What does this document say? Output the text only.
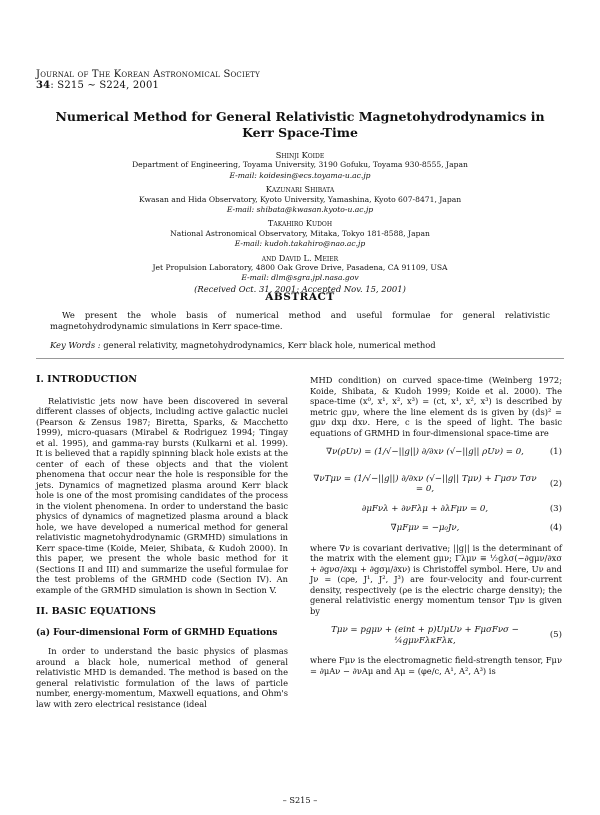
Journal of The Korean Astronomical Society
34: S215 ∼ S224, 2001
Numerical Method for General Relativistic Magnetohydrodynamics in Kerr Space-Time
Shinji Koide
Department of Engineering, Toyama University, 3190 Gofuku, Toyama 930-8555, Japan
E-mail: koidesin@ecs.toyama-u.ac.jp
Kazunari Shibata
Kwasan and Hida Observatory, Kyoto University, Yamashina, Kyoto 607-8471, Japan
E-mail: shibata@kwasan.kyoto-u.ac.jp
Takahiro Kudoh
National Astronomical Observatory, Mitaka, Tokyo 181-8588, Japan
E-mail: kudoh.takahiro@nao.ac.jp
and David L. Meier
Jet Propulsion Laboratory, 4800 Oak Grove Drive, Pasadena, CA 91109, USA
E-mail: dlm@sgra.jpl.nasa.gov
(Received Oct. 31, 2001; Accepted Nov. 15, 2001)
ABSTRACT
We present the whole basis of numerical method and useful formulae for general relativistic magnetohydrodynamic simulations in Kerr space-time.
Key Words : general relativity, magnetohydrodynamics, Kerr black hole, numerical method
I. INTRODUCTION

Relativistic jets now have been discovered in several different classes of objects, including active galactic nuclei (Pearson & Zensus 1987; Biretta, Sparks, & Macchetto 1999), micro-quasars (Mirabel & Rodriguez 1994; Tingay et al. 1995), and gamma-ray bursts (Kulkarni et al. 1999). It is believed that a rapidly spinning black hole exists at the center of each of these objects and that the violent phenomena that occur near the hole is responsible for the jets. Dynamics of magnetized plasma around Kerr black hole is one of the most promising candidates of the process in the violent phenomena. In order to understand the basic physics of dynamics of magnetized plasma around a black hole, we have developed a numerical method for general relativistic magnetohydrodynamic (GRMHD) simulations in Kerr space-time (Koide, Meier, Shibata, & Kudoh 2000). In this paper, we present the whole basic method for it (Sections II and III) and summarize the useful formulae for the test problems of the GRMHD code (Section IV). An example of the GRMHD simulation is shown in Section V.

II. BASIC EQUATIONS
(a) Four-dimensional Form of GRMHD Equations

In order to understand the basic physics of plasmas around a black hole, numerical method of general relativistic MHD is demanded. The method is based on the general relativistic formulation of the laws of particle number, energy-momentum, Maxwell equations, and Ohm's law with zero electrical resistance (ideal

MHD condition) on curved space-time (Weinberg 1972; Koide, Shibata, & Kudoh 1999; Koide et al. 2000). The space-time (x⁰, x¹, x², x³) = (ct, x¹, x², x³) is described by metric gμν, where the line element ds is given by (ds)² = gμν dxμ dxν. Here, c is the speed of light. The basic equations of GRMHD in four-dimensional space-time are

∇ν(ρUν) = (1/√−||g||) ∂/∂xν (√−||g|| ρUν) = 0,	(1)
∇νTμν = (1/√−||g||) ∂/∂xν (√−||g|| Tμν) + Γμσν Tσν = 0,
(2)
∂μFνλ + ∂νFλμ + ∂λFμν = 0,	(3)
∇μFμν = −μ₀Jν,	(4)

where ∇ν is covariant derivative; ||g|| is the determinant of the matrix with the element gμν; Γλμν ≡ ½gλσ(−∂gμν/∂xσ + ∂gνσ/∂xμ + ∂gσμ/∂xν) is Christoffel symbol. Here, Uν and Jν = (cρe, J¹, J², J³) are four-velocity and four-current density, respectively (ρe is the electric charge density); the general relativistic energy momentum tensor Tμν is given by

Tμν = pgμν + (eint + p)UμUν + FμσFνσ − ¼gμνFλκFλκ,
(5)

where Fμν is the electromagnetic field-strength tensor, Fμν = ∂μAν − ∂νAμ and Aμ = (φe/c, A¹, A², A³) is

– S215 –
